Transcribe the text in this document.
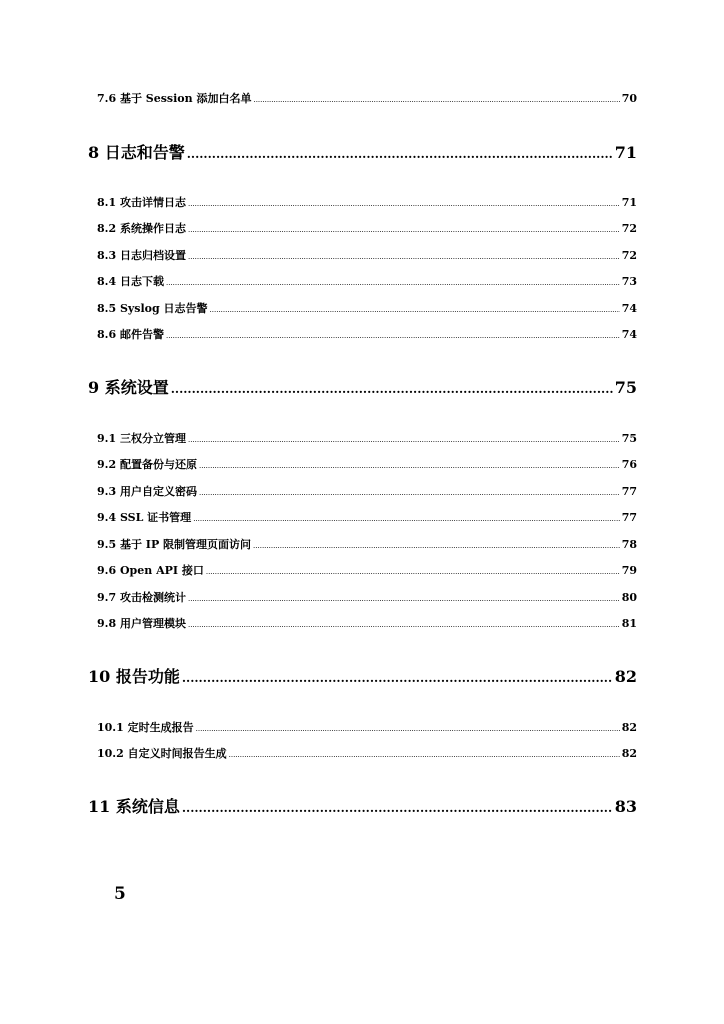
7.6 基于 Session 添加白名单 .....	70
8 日志和告警 .....	71
8.1 攻击详情日志 .....	71
8.2 系统操作日志 .....	72
8.3 日志归档设置 .....	72
8.4 日志下载 .....	73
8.5 Syslog 日志告警 .....	74
8.6 邮件告警 .....	74
9 系统设置 .....	75
9.1 三权分立管理 .....	75
9.2 配置备份与还原 .....	76
9.3 用户自定义密码 .....	77
9.4 SSL 证书管理 .....	77
9.5 基于 IP 限制管理页面访问 .....	78
9.6 Open API 接口 .....	79
9.7 攻击检测统计 .....	80
9.8 用户管理模块 .....	81
10 报告功能 .....	82
10.1 定时生成报告 .....	82
10.2 自定义时间报告生成 .....	82
11 系统信息 .....	83
5
